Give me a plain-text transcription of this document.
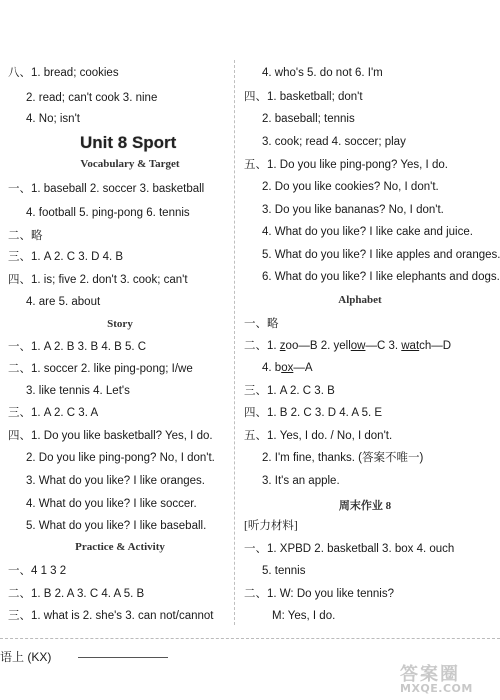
八、1. bread; cookies
2. read; can't cook 3. nine
4. No; isn't
Unit 8 Sport
Vocabulary & Target
一、1. baseball 2. soccer 3. basketball
4. football 5. ping-pong 6. tennis
二、略
三、1. A 2. C 3. D 4. B
四、1. is; five 2. don't 3. cook; can't
4. are 5. about
Story
一、1. A 2. B 3. B 4. B 5. C
二、1. soccer 2. like ping-pong; I/we
3. like tennis 4. Let's
三、1. A 2. C 3. A
四、1. Do you like basketball? Yes, I do.
2. Do you like ping-pong? No, I don't.
3. What do you like? I like oranges.
4. What do you like? I like soccer.
5. What do you like? I like baseball.
Practice & Activity
一、4 1 3 2
二、1. B 2. A 3. C 4. A 5. B
三、1. what is 2. she's 3. can not/cannot
4. who's 5. do not 6. I'm
四、1. basketball; don't
2. baseball; tennis
3. cook; read 4. soccer; play
五、1. Do you like ping-pong? Yes, I do.
2. Do you like cookies? No, I don't.
3. Do you like bananas? No, I don't.
4. What do you like? I like cake and juice.
5. What do you like? I like apples and oranges.
6. What do you like? I like elephants and dogs.
Alphabet
一、略
二、1. zoo—B 2. yellow—C 3. watch—D
4. box—A
三、1. A 2. C 3. B
四、1. B 2. C 3. D 4. A 5. E
五、1. Yes, I do. / No, I don't.
2. I'm fine, thanks. (答案不唯一)
3. It's an apple.
周末作业 8
[听力材料]
一、1. XPBD 2. basketball 3. box 4. ouch
5. tennis
二、1. W: Do you like tennis?
M: Yes, I do.
语上 (KX)
答案圈
MXQE.COM
